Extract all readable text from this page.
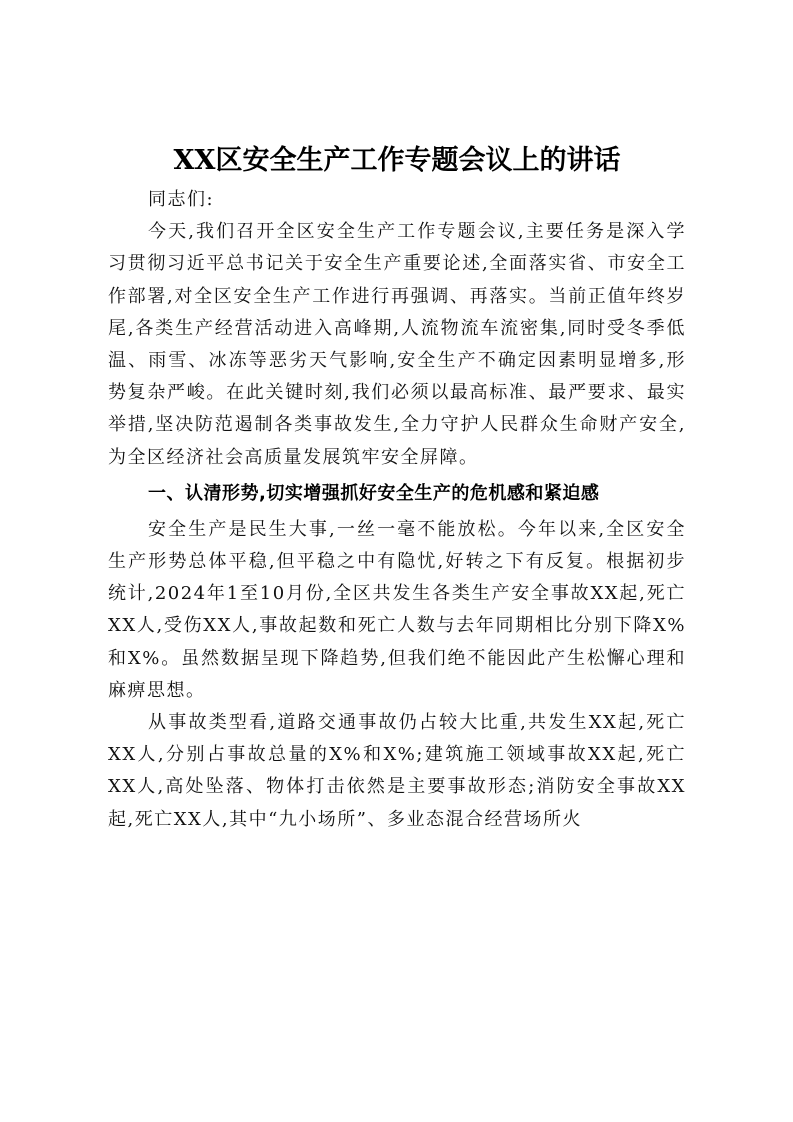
XX区安全生产工作专题会议上的讲话

同志们:

今天,我们召开全区安全生产工作专题会议,主要任务是深入学习贯彻习近平总书记关于安全生产重要论述,全面落实省、市安全工作部署,对全区安全生产工作进行再强调、再落实。当前正值年终岁尾,各类生产经营活动进入高峰期,人流物流车流密集,同时受冬季低温、雨雪、冰冻等恶劣天气影响,安全生产不确定因素明显增多,形势复杂严峻。在此关键时刻,我们必须以最高标准、最严要求、最实举措,坚决防范遏制各类事故发生,全力守护人民群众生命财产安全,为全区经济社会高质量发展筑牢安全屏障。

一、认清形势,切实增强抓好安全生产的危机感和紧迫感

安全生产是民生大事,一丝一毫不能放松。今年以来,全区安全生产形势总体平稳,但平稳之中有隐忧,好转之下有反复。根据初步统计,2024年1至10月份,全区共发生各类生产安全事故XX起,死亡XX人,受伤XX人,事故起数和死亡人数与去年同期相比分别下降X%和X%。虽然数据呈现下降趋势,但我们绝不能因此产生松懈心理和麻痹思想。

从事故类型看,道路交通事故仍占较大比重,共发生XX起,死亡XX人,分别占事故总量的X%和X%;建筑施工领域事故XX起,死亡XX人,高处坠落、物体打击依然是主要事故形态;消防安全事故XX起,死亡XX人,其中“九小场所”、多业态混合经营场所火
